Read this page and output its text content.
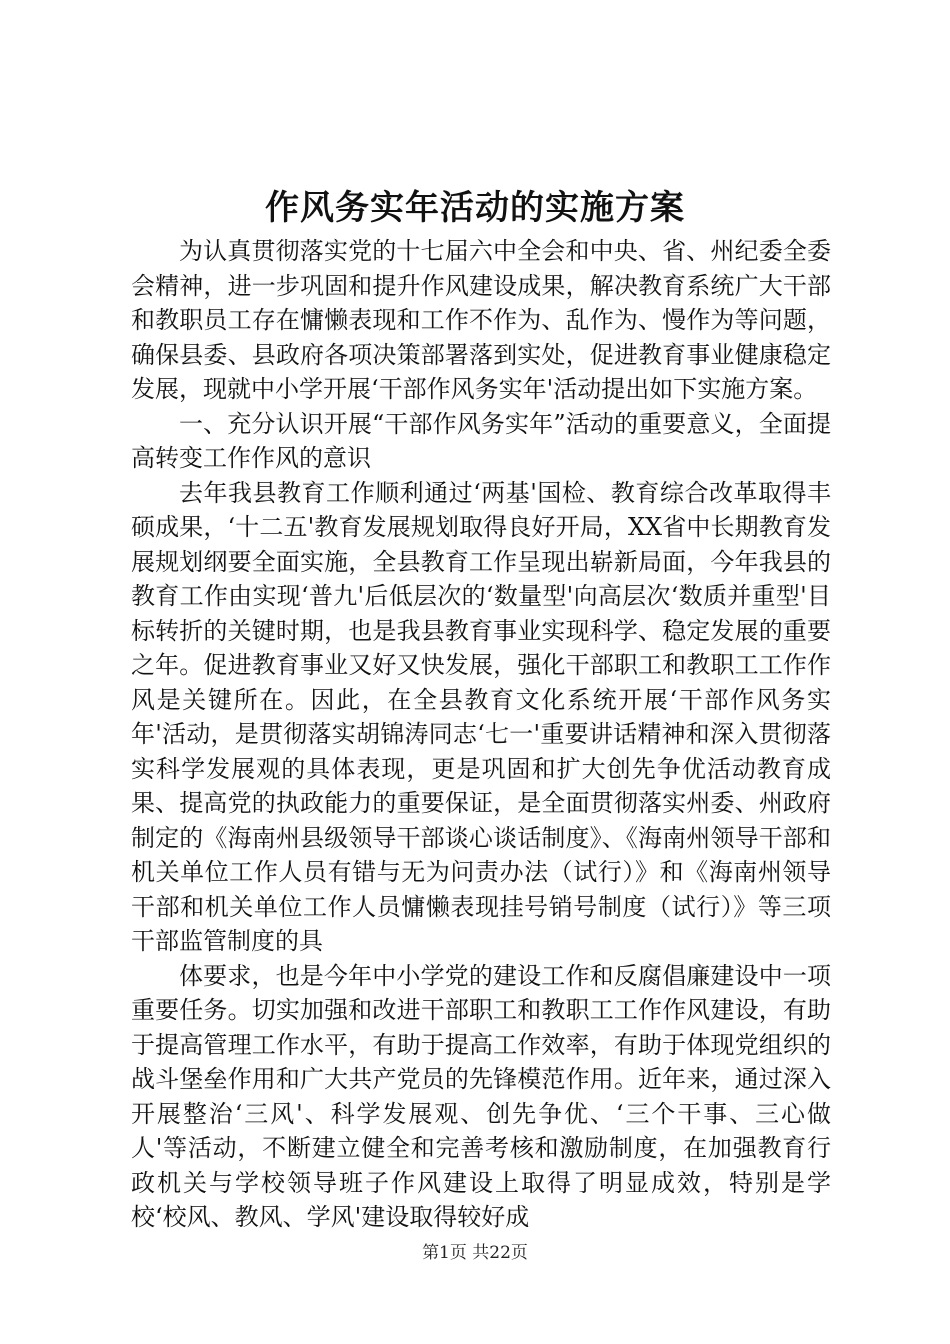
作风务实年活动的实施方案

为认真贯彻落实党的十七届六中全会和中央、省、州纪委全委会精神，进一步巩固和提升作风建设成果，解决教育系统广大干部和教职员工存在慵懒表现和工作不作为、乱作为、慢作为等问题，确保县委、县政府各项决策部署落到实处，促进教育事业健康稳定发展，现就中小学开展‘干部作风务实年'活动提出如下实施方案。

一、充分认识开展“干部作风务实年”活动的重要意义，全面提高转变工作作风的意识

去年我县教育工作顺利通过‘两基'国检、教育综合改革取得丰硕成果，‘十二五'教育发展规划取得良好开局，XX省中长期教育发展规划纲要全面实施，全县教育工作呈现出崭新局面，今年我县的教育工作由实现‘普九'后低层次的‘数量型'向高层次‘数质并重型'目标转折的关键时期，也是我县教育事业实现科学、稳定发展的重要之年。促进教育事业又好又快发展，强化干部职工和教职工工作作风是关键所在。因此，在全县教育文化系统开展‘干部作风务实年'活动，是贯彻落实胡锦涛同志‘七一'重要讲话精神和深入贯彻落实科学发展观的具体表现，更是巩固和扩大创先争优活动教育成果、提高党的执政能力的重要保证，是全面贯彻落实州委、州政府制定的《海南州县级领导干部谈心谈话制度》、《海南州领导干部和机关单位工作人员有错与无为问责办法（试行）》和《海南州领导干部和机关单位工作人员慵懒表现挂号销号制度（试行）》等三项干部监管制度的具

体要求，也是今年中小学党的建设工作和反腐倡廉建设中一项重要任务。切实加强和改进干部职工和教职工工作作风建设，有助于提高管理工作水平，有助于提高工作效率，有助于体现党组织的战斗堡垒作用和广大共产党员的先锋模范作用。近年来，通过深入开展整治‘三风'、科学发展观、创先争优、‘三个干事、三心做人'等活动，不断建立健全和完善考核和激励制度，在加强教育行政机关与学校领导班子作风建设上取得了明显成效，特别是学校‘校风、教风、学风'建设取得较好成

第1页 共22页
